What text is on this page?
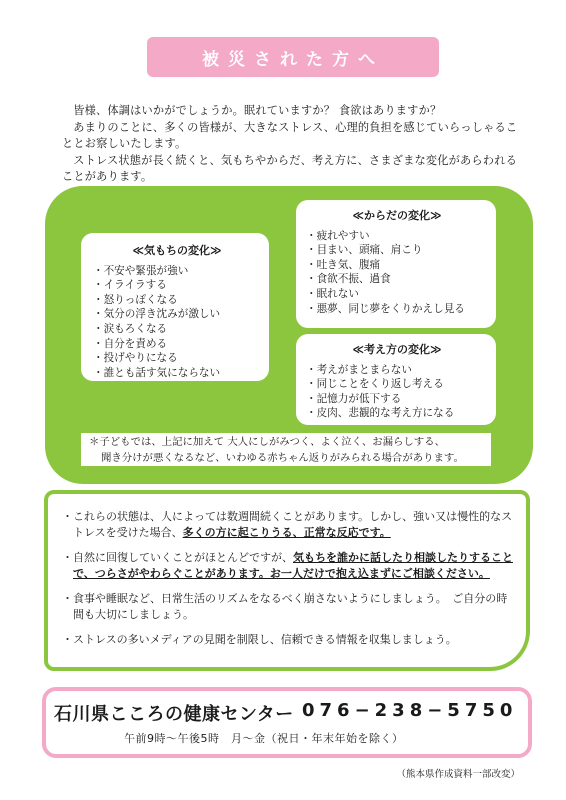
被災された方へ

皆様、体調はいかがでしょうか。眠れていますか？ 食欲はありますか？

あまりのことに、多くの皆様が、大きなストレス、心理的負担を感じていらっしゃることとお察しいたします。

ストレス状態が長く続くと、気もちやからだ、考え方に、さまざまな変化があらわれることがあります。

≪気もちの変化≫
・ 不安や緊張が強い
・ イライラする
・ 怒りっぽくなる
・ 気分の浮き沈みが激しい
・ 涙もろくなる
・ 自分を責める
・ 投げやりになる
・ 誰とも話す気にならない
≪からだの変化≫
・ 疲れやすい
・ 目まい、頭痛、肩こり
・ 吐き気、腹痛
・ 食欲不振、過食
・ 眠れない
・ 悪夢、同じ夢をくりかえし見る
≪考え方の変化≫
・ 考えがまとまらない
・ 同じことをくり返し考える
・ 記憶力が低下する
・ 皮肉、悲観的な考え方になる
＊子どもでは、上記に加えて 大人にしがみつく、よく泣く、お漏らしする、
聞き分けが悪くなるなど、いわゆる赤ちゃん返りがみられる場合があります。
・ これらの状態は、人によっては数週間続くことがあります。しかし、強い又は慢性的なストレスを受けた場合、多くの方に起こりうる、正常な反応です。
・ 自然に回復していくことがほとんどですが、気もちを誰かに話したり相談したりすることで、つらさがやわらぐことがあります。お一人だけで抱え込まずにご相談ください。
・ 食事や睡眠など、日常生活のリズムをなるべく崩さないようにしましょう。　ご自分の時間も大切にしましょう。
・ ストレスの多いメディアの見聞を制限し、信頼できる情報を収集しましょう。
石川県こころの健康センター 076−238−5750
午前9時〜午後5時　月〜金（祝日・年末年始を除く）
（熊本県作成資料一部改変）
